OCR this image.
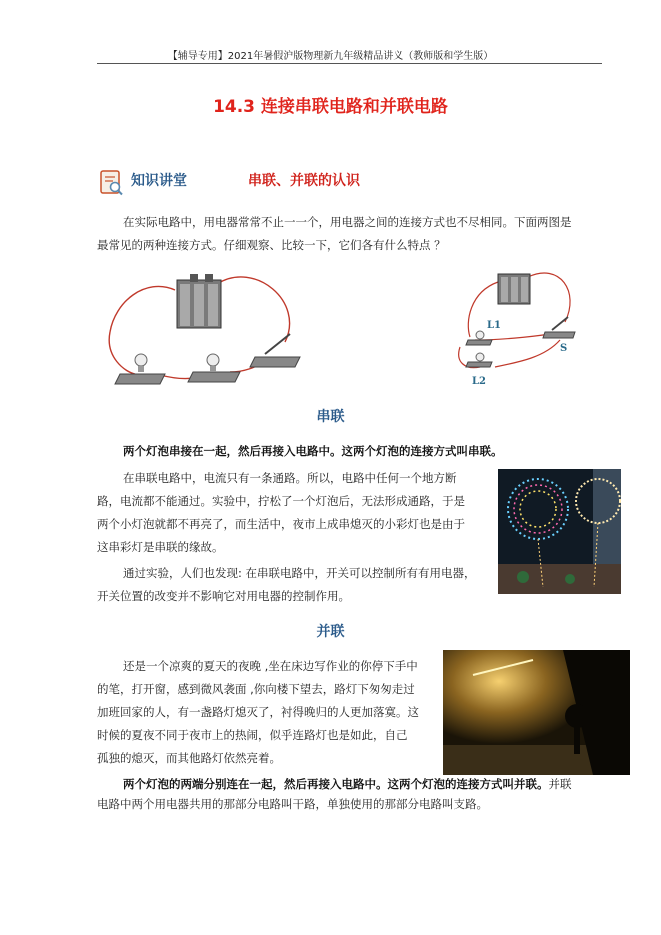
【辅导专用】2021年暑假沪版物理新九年级精品讲义（教师版和学生版）
14.3 连接串联电路和并联电路
知识讲堂	串联、并联的认识
在实际电路中，用电器常常不止一一个，用电器之间的连接方式也不尽相同。下面两图是
最常见的两种连接方式。仔细观察、比较一下，它们各有什么特点 ？
L1
L2
S
串联
两个灯泡串接在一起，然后再接入电路中。这两个灯泡的连接方式叫串联。
在串联电路中，电流只有一条通路。所以，电路中任何一个地方断
路，电流都不能通过。实验中，拧松了一个灯泡后，无法形成通路，于是
两个小灯泡就都不再亮了，而生活中，夜市上成串熄灭的小彩灯也是由于
这串彩灯是串联的缘故。
通过实验，人们也发现: 在串联电路中，开关可以控制所有有用电器，
开关位置的改变并不影响它对用电器的控制作用。
并联
还是一个凉爽的夏天的夜晚 ,坐在床边写作业的你停下手中
的笔，打开窗，感到微风袭面 ,你向楼下望去，路灯下匆匆走过
加班回家的人，有一盏路灯熄灭了，衬得晚归的人更加落寞。这
时候的夏夜不同于夜市上的热闹，似乎连路灯也是如此，自己
孤独的熄灭，而其他路灯依然亮着。
两个灯泡的两端分别连在一起，然后再接入电路中。这两个灯泡的连接方式叫并联。并联
电路中两个用电器共用的那部分电路叫干路，单独使用的那部分电路叫支路。
